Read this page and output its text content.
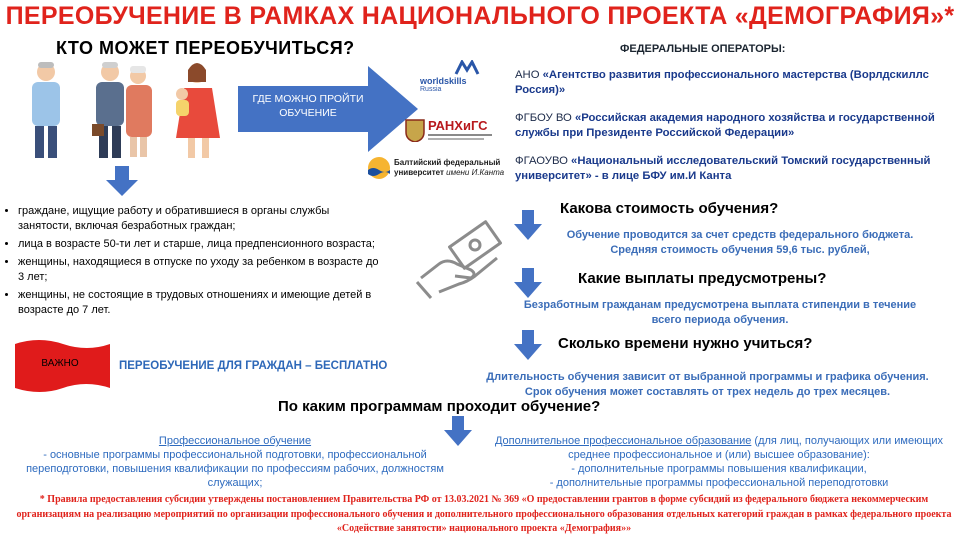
ПЕРЕОБУЧЕНИЕ В РАМКАХ НАЦИОНАЛЬНОГО ПРОЕКТА «ДЕМОГРАФИЯ»*
КТО МОЖЕТ ПЕРЕОБУЧИТЬСЯ?
ГДЕ МОЖНО ПРОЙТИ ОБУЧЕНИЕ
worldskills
Russia
РАНХиГС
Балтийский федеральный
университет имени И.Канта
ФЕДЕРАЛЬНЫЕ ОПЕРАТОРЫ:
АНО «Агентство развития профессионального мастерства (Ворлдскиллс Россия)»
ФГБОУ ВО «Российская академия народного хозяйства и государственной службы при Президенте Российской Федерации»
ФГАОУВО «Национальный исследовательский Томский государственный университет» - в лице БФУ им.И Канта
• граждане, ищущие работу и обратившиеся в органы службы занятости, включая безработных граждан;
• лица в возрасте 50-ти лет и старше, лица предпенсионного возраста;
• женщины, находящиеся в отпуске по уходу за ребенком в возрасте до 3 лет;
• женщины, не состоящие в трудовых отношениях и имеющие детей в возрасте до 7 лет.
ВАЖНО	ПЕРЕОБУЧЕНИЕ ДЛЯ ГРАЖДАН – БЕСПЛАТНО
Какова стоимость обучения?
Обучение проводится за счет средств федерального бюджета.
Средняя стоимость обучения 59,6 тыс. рублей,
Какие выплаты предусмотрены?
Безработным гражданам предусмотрена выплата стипендии в течение
всего периода обучения.
Сколько времени нужно учиться?
Длительность обучения зависит от выбранной программы и графика обучения.
Срок обучения может составлять от трех недель до трех месяцев.
По каким программам проходит обучение?
Профессиональное обучение
- основные программы профессиональной подготовки, профессиональной переподготовки, повышения квалификации по профессиям рабочих, должностям служащих;
Дополнительное профессиональное образование (для лиц, получающих или имеющих среднее профессиональное и (или) высшее образование):
- дополнительные программы повышения квалификации,
- дополнительные программы профессиональной переподготовки
* Правила предоставления субсидии утверждены постановлением Правительства РФ от 13.03.2021 № 369 «О предоставлении грантов в форме субсидий из федерального бюджета некоммерческим организациям на реализацию мероприятий по организации профессионального обучения и дополнительного профессионального образования отдельных категорий граждан в рамках федерального проекта «Содействие занятости» национального проекта «Демография»»
